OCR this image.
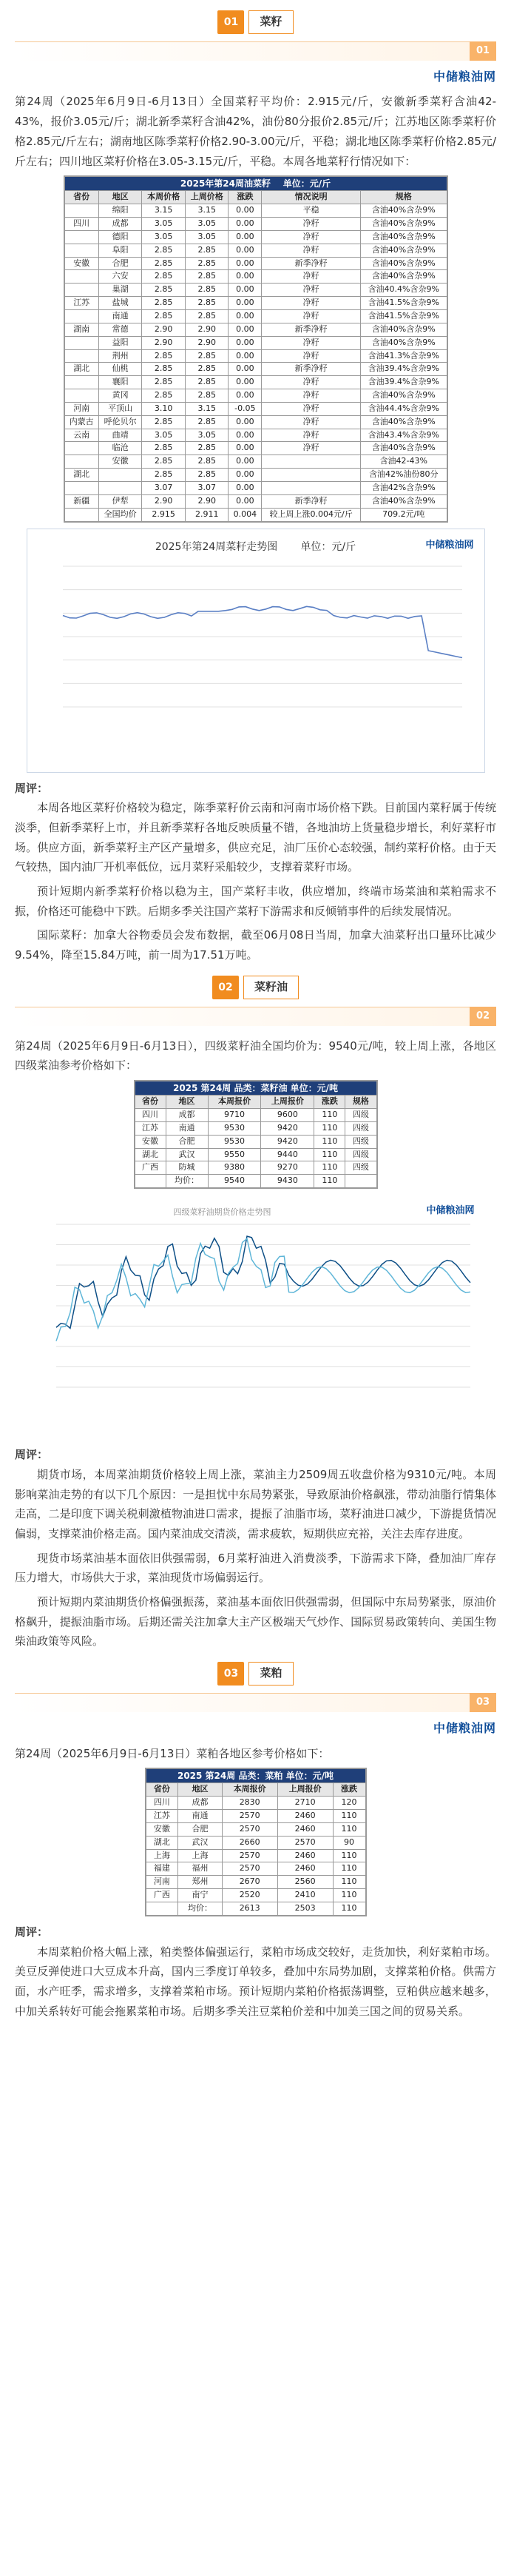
01	菜籽
01
中储粮油网

第24周（2025年6月9日-6月13日）全国菜籽平均价：2.915元/斤，安徽新季菜籽含油42-43%，报价3.05元/斤；湖北新季菜籽含油42%，油份80分报价2.85元/斤；江苏地区陈季菜籽价格2.85元/斤左右；湖南地区陈季菜籽价格2.90-3.00元/斤，平稳；湖北地区陈季菜籽价格2.85元/斤左右；四川地区菜籽价格在3.05-3.15元/斤，平稳。本周各地菜籽行情况如下：

2025年第24周油菜籽 单位：元/斤						
省份	地区	本周价格	上周价格	涨跌	情况说明	规格
	绵阳	3.15	3.15	0.00	平稳	含油40%含杂9%
四川	成都	3.05	3.05	0.00	净籽	含油40%含杂9%
	德阳	3.05	3.05	0.00	净籽	含油40%含杂9%
	阜阳	2.85	2.85	0.00	净籽	含油40%含杂9%
安徽	合肥	2.85	2.85	0.00	新季净籽	含油40%含杂9%
	六安	2.85	2.85	0.00	净籽	含油40%含杂9%
	巢湖	2.85	2.85	0.00	净籽	含油40.4%含杂9%
江苏	盐城	2.85	2.85	0.00	净籽	含油41.5%含杂9%
	南通	2.85	2.85	0.00	净籽	含油41.5%含杂9%
湖南	常德	2.90	2.90	0.00	新季净籽	含油40%含杂9%
	益阳	2.90	2.90	0.00	净籽	含油40%含杂9%
	荆州	2.85	2.85	0.00	净籽	含油41.3%含杂9%
湖北	仙桃	2.85	2.85	0.00	新季净籽	含油39.4%含杂9%
	襄阳	2.85	2.85	0.00	净籽	含油39.4%含杂9%
	黄冈	2.85	2.85	0.00	净籽	含油40%含杂9%
河南	平顶山	3.10	3.15	-0.05	净籽	含油44.4%含杂9%
内蒙古	呼伦贝尔	2.85	2.85	0.00	净籽	含油40%含杂9%
云南	曲靖	3.05	3.05	0.00	净籽	含油43.4%含杂9%
	临沧	2.85	2.85	0.00	净籽	含油40%含杂9%
	安徽	2.85	2.85	0.00		含油42-43%
湖北		2.85	2.85	0.00		含油42%油份80分
		3.07	3.07	0.00		含油42%含杂9%
新疆	伊犁	2.90	2.90	0.00	新季净籽	含油40%含杂9%
	全国均价	2.915	2.911	0.004	较上周上涨0.004元/斤	709.2元/吨
2025年第24周菜籽走势图 单位：元/斤	中储粮油网
周评：

本周各地区菜籽价格较为稳定，陈季菜籽价云南和河南市场价格下跌。目前国内菜籽属于传统淡季，但新季菜籽上市，并且新季菜籽各地反映质量不错，各地油坊上货量稳步增长，利好菜籽市场。供应方面，新季菜籽主产区产量增多，供应充足，油厂压价心态较强，制约菜籽价格。由于天气较热，国内油厂开机率低位，远月菜籽采船较少，支撑着菜籽市场。

预计短期内新季菜籽价格以稳为主，国产菜籽丰收，供应增加，终端市场菜油和菜粕需求不振，价格还可能稳中下跌。后期多季关注国产菜籽下游需求和反倾销事件的后续发展情况。

国际菜籽：加拿大谷物委员会发布数据，截至06月08日当周，加拿大油菜籽出口量环比减少9.54%，降至15.84万吨，前一周为17.51万吨。

02	菜籽油
02

第24周（2025年6月9日-6月13日），四级菜籽油全国均价为：9540元/吨，较上周上涨，各地区四级菜油参考价格如下：

2025 第24周 品类：菜籽油 单位：元/吨					
省份	地区	本周报价	上周报价	涨跌	规格
四川	成都	9710	9600	110	四级
江苏	南通	9530	9420	110	四级
安徽	合肥	9530	9420	110	四级
湖北	武汉	9550	9440	110	四级
广西	防城	9380	9270	110	四级
	均价：	9540	9430	110	
四级菜籽油期货价格走势图	中储粮油网
周评：

期货市场，本周菜油期货价格较上周上涨，菜油主力2509周五收盘价格为9310元/吨。本周影响菜油走势的有以下几个原因：一是担忧中东局势紧张，导致原油价格飙涨，带动油脂行情集体走高，二是印度下调关税刺激植物油进口需求，提振了油脂市场，菜籽油进口减少，下游提货情况偏弱，支撑菜油价格走高。国内菜油成交清淡，需求疲软，短期供应充裕，关注去库存进度。

现货市场菜油基本面依旧供强需弱，6月菜籽油进入消费淡季，下游需求下降，叠加油厂库存压力增大，市场供大于求，菜油现货市场偏弱运行。

预计短期内菜油期货价格偏强振荡，菜油基本面依旧供强需弱，但国际中东局势紧张，原油价格飙升，提振油脂市场。后期还需关注加拿大主产区极端天气炒作、国际贸易政策转向、美国生物柴油政策等风险。

03	菜粕
03
中储粮油网

第24周（2025年6月9日-6月13日）菜粕各地区参考价格如下：

2025 第24周 品类：菜粕 单位：元/吨				
省份	地区	本周报价	上周报价	涨跌
四川	成都	2830	2710	120
江苏	南通	2570	2460	110
安徽	合肥	2570	2460	110
湖北	武汉	2660	2570	90
上海	上海	2570	2460	110
福建	福州	2570	2460	110
河南	郑州	2670	2560	110
广西	南宁	2520	2410	110
	均价：	2613	2503	110
周评：

本周菜粕价格大幅上涨，粕类整体偏强运行，菜粕市场成交较好，走货加快，利好菜粕市场。美豆反弹使进口大豆成本升高，国内三季度订单较多，叠加中东局势加剧，支撑菜粕价格。供需方面，水产旺季，需求增多，支撑着菜粕市场。预计短期内菜粕价格振荡调整，豆粕供应越来越多，中加关系转好可能会拖累菜粕市场。后期多季关注豆菜粕价差和中加美三国之间的贸易关系。
